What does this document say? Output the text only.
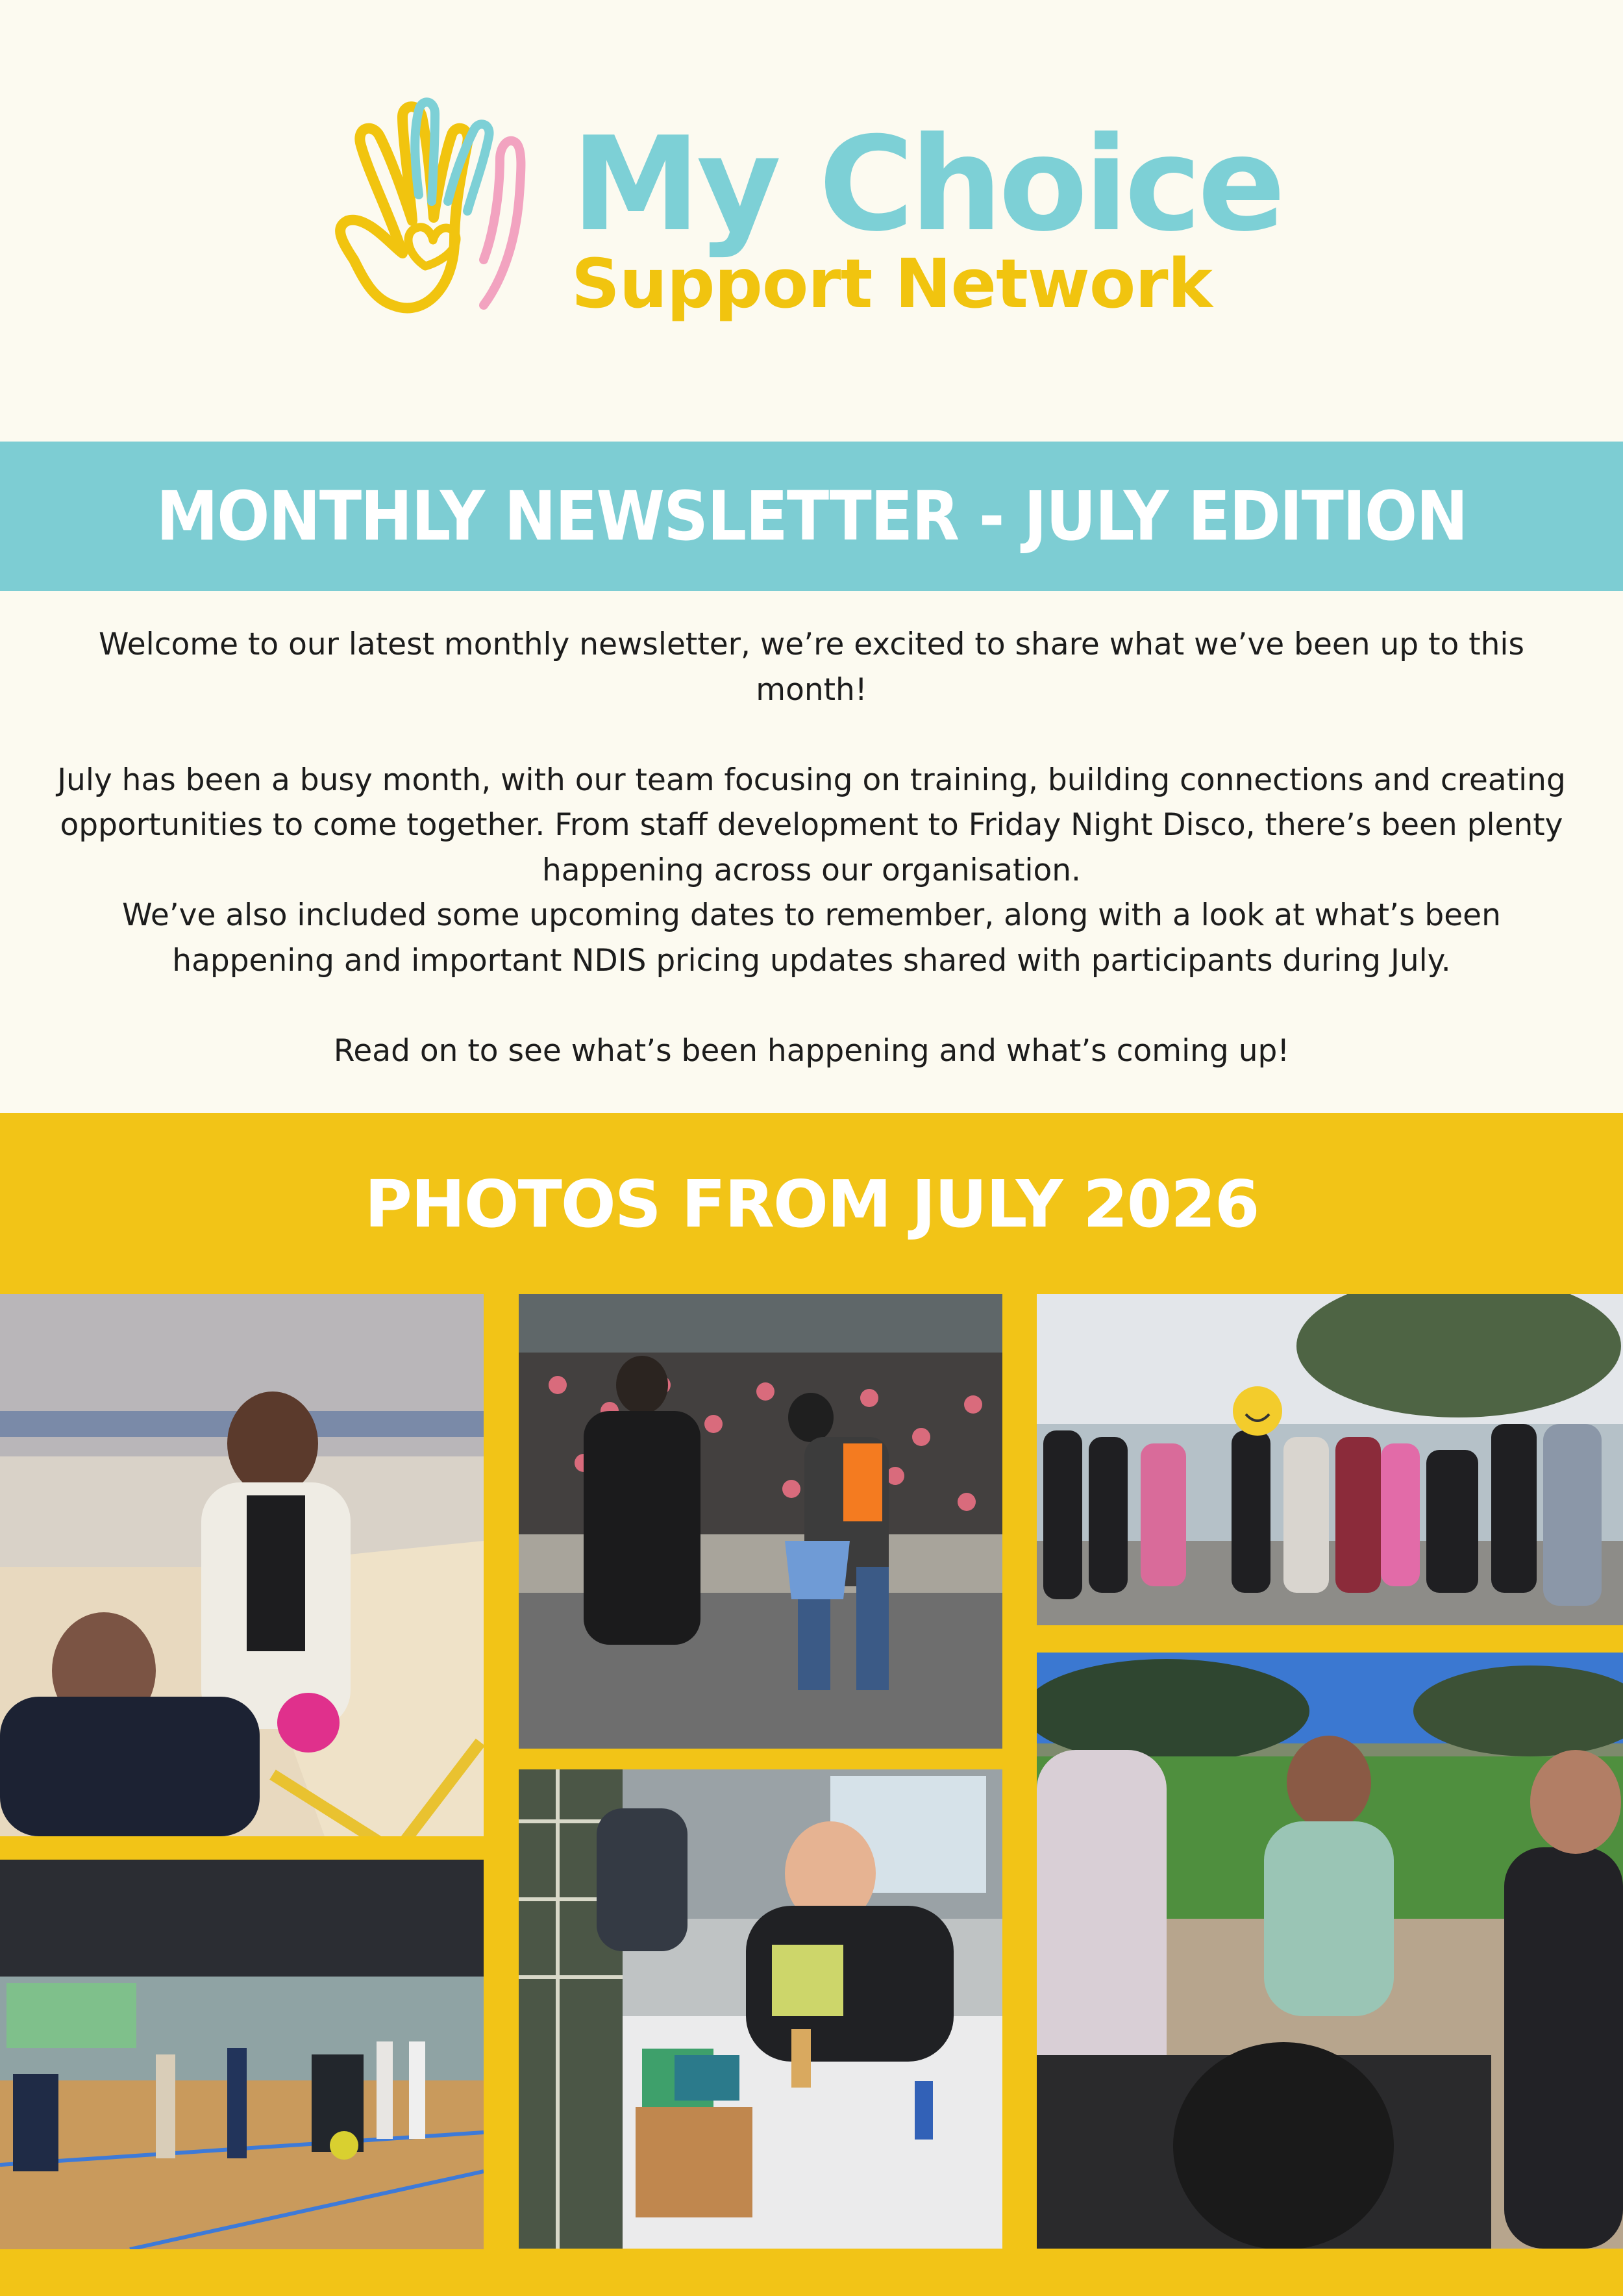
My Choice
Support Network
MONTHLY NEWSLETTER - JULY EDITION

Welcome to our latest monthly newsletter, we’re excited to share what we’ve been up to this month!

July has been a busy month, with our team focusing on training, building connections and creating opportunities to come together. From staff development to Friday Night Disco, there’s been plenty happening across our organisation.

We’ve also included some upcoming dates to remember, along with a look at what’s been happening and important NDIS pricing updates shared with participants during July.

Read on to see what’s been happening and what’s coming up!

PHOTOS FROM JULY 2026
